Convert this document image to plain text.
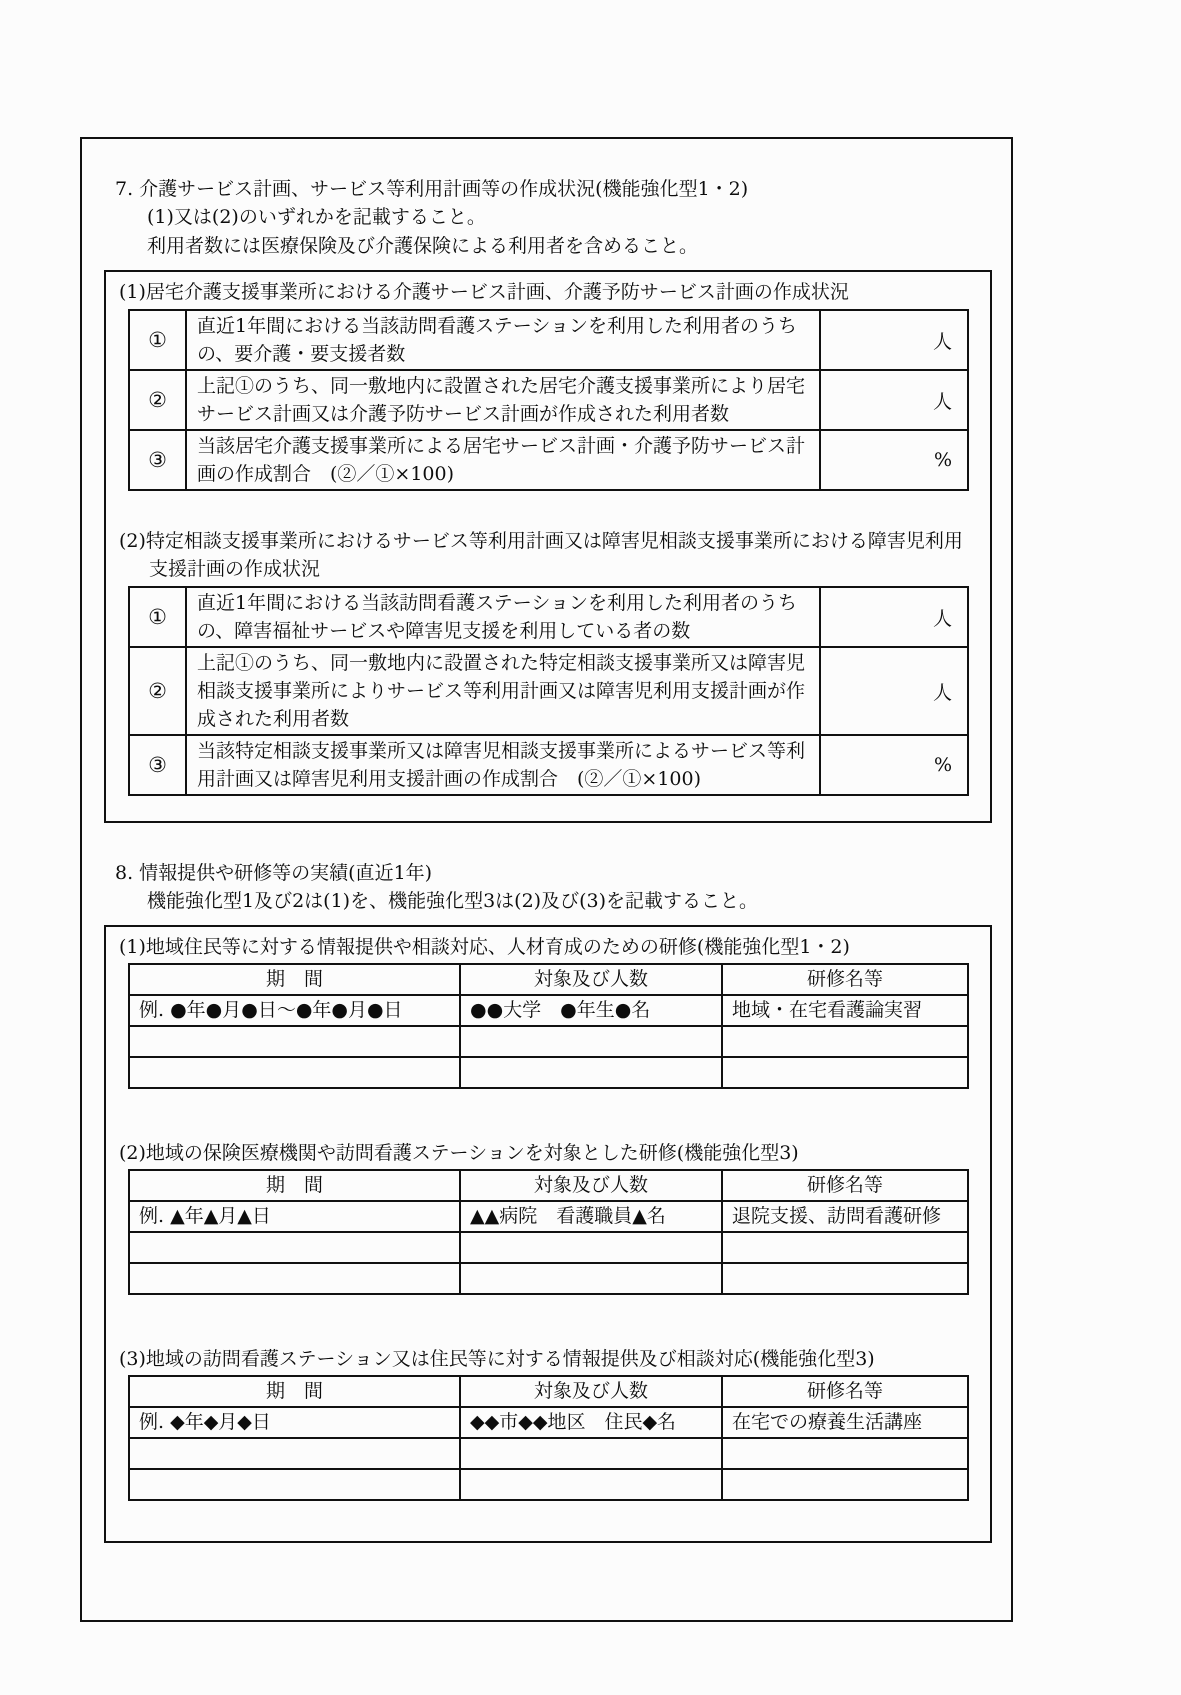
7. 介護サービス計画、サービス等利用計画等の作成状況(機能強化型1・2)
(1)又は(2)のいずれかを記載すること。
利用者数には医療保険及び介護保険による利用者を含めること。
(1)居宅介護支援事業所における介護サービス計画、介護予防サービス計画の作成状況
①	直近1年間における当該訪問看護ステーションを利用した利用者のうちの、要介護・要支援者数	人
②	上記①のうち、同一敷地内に設置された居宅介護支援事業所により居宅サービス計画又は介護予防サービス計画が作成された利用者数	人
③	当該居宅介護支援事業所による居宅サービス計画・介護予防サービス計画の作成割合　(②／①×100)	%
(2)特定相談支援事業所におけるサービス等利用計画又は障害児相談支援事業所における障害児利用支援計画の作成状況
①	直近1年間における当該訪問看護ステーションを利用した利用者のうちの、障害福祉サービスや障害児支援を利用している者の数	人
②	上記①のうち、同一敷地内に設置された特定相談支援事業所又は障害児相談支援事業所によりサービス等利用計画又は障害児利用支援計画が作成された利用者数	人
③	当該特定相談支援事業所又は障害児相談支援事業所によるサービス等利用計画又は障害児利用支援計画の作成割合　(②／①×100)	%
8. 情報提供や研修等の実績(直近1年)
機能強化型1及び2は(1)を、機能強化型3は(2)及び(3)を記載すること。
(1)地域住民等に対する情報提供や相談対応、人材育成のための研修(機能強化型1・2)
期　間	対象及び人数	研修名等
例. ●年●月●日～●年●月●日	●●大学　●年生●名	地域・在宅看護論実習

(2)地域の保険医療機関や訪問看護ステーションを対象とした研修(機能強化型3)
期　間	対象及び人数	研修名等
例. ▲年▲月▲日	▲▲病院　看護職員▲名	退院支援、訪問看護研修

(3)地域の訪問看護ステーション又は住民等に対する情報提供及び相談対応(機能強化型3)
期　間	対象及び人数	研修名等
例. ◆年◆月◆日	◆◆市◆◆地区　住民◆名	在宅での療養生活講座
